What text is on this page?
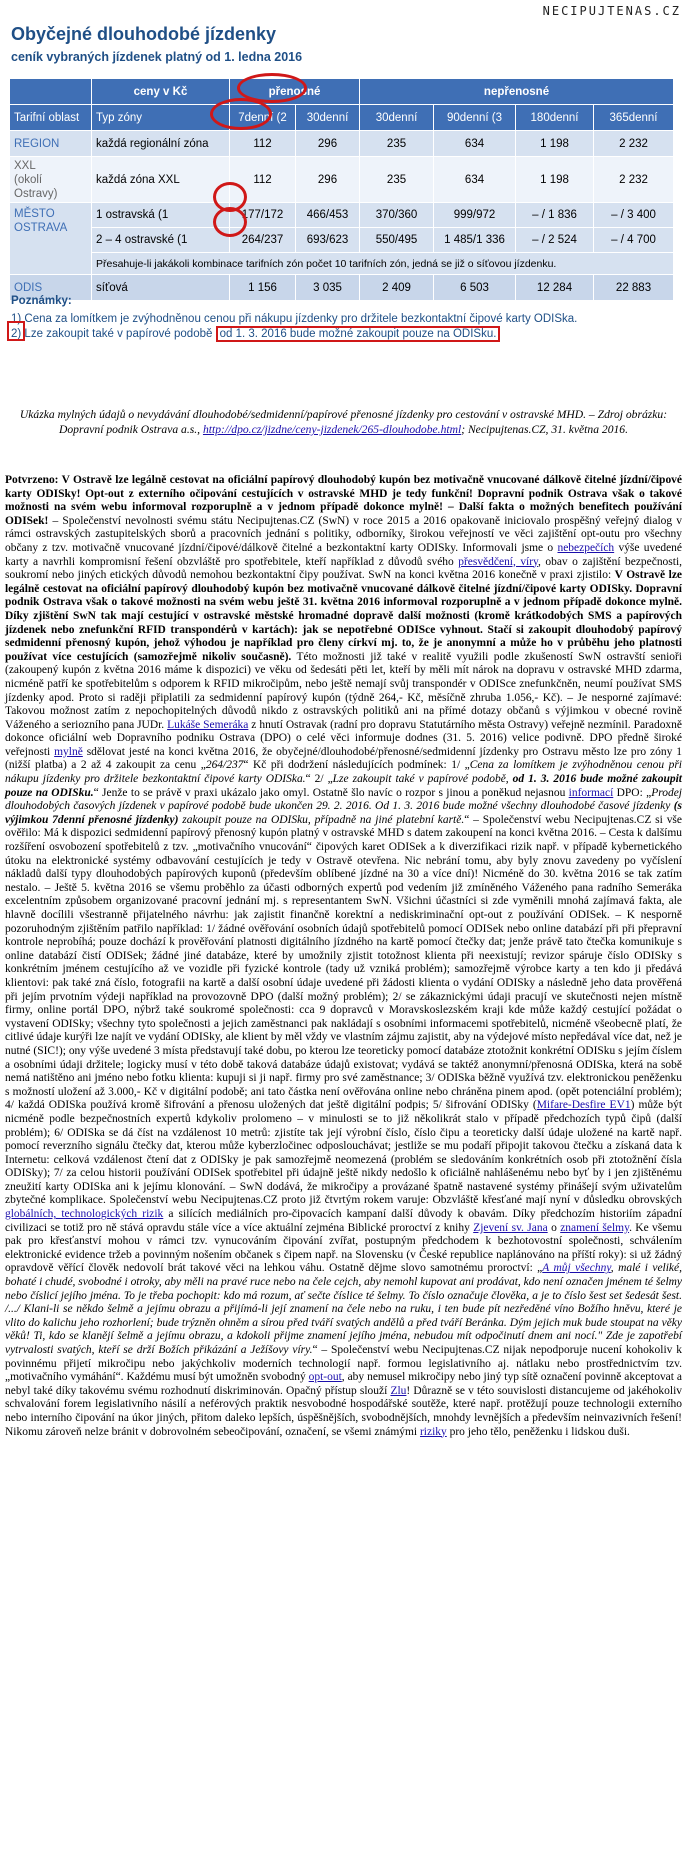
NECIPUJTENAS.CZ
Obyčejné dlouhodobé jízdenky
ceník vybraných jízdenek platný od 1. ledna 2016
	ceny v Kč	přenosné		nepřenosné			
Tarifní oblast	Typ zóny	7denní (2	30denní	30denní	90denní (3	180denní	365denní
REGION	každá regionální zóna	112	296	235	634	1 198	2 232
XXL
(okolí Ostravy)	každá zóna XXL	112	296	235	634	1 198	2 232
MĚSTO
OSTRAVA	1 ostravská (1	177/172	466/453	370/360	999/972	– / 1 836	– / 3 400
	2 – 4 ostravské (1	264/237	693/623	550/495	1 485/1 336	– / 2 524	– / 4 700
	Přesahuje-li jakákoli kombinace tarifních zón počet 10 tarifních zón, jedná se již o síťovou jízdenku.						
ODIS	síťová	1 156	3 035	2 409	6 503	12 284	22 883
Poznámky:
1) Cena za lomítkem je zvýhodněnou cenou při nákupu jízdenky pro držitele bezkontaktní čipové karty ODISka.
2) Lze zakoupit také v papírové podobě od 1. 3. 2016 bude možné zakoupit pouze na ODISku.
Ukázka mylných údajů o nevydávání dlouhodobé/sedmidenní/papírové přenosné jízdenky pro cestování v ostravské MHD. – Zdroj obrázku: Dopravní podnik Ostrava a.s., http://dpo.cz/jizdne/ceny-jizdenek/265-dlouhodobe.html; Necipujtenas.CZ, 31. května 2016.
Potvrzeno: V Ostravě lze legálně cestovat na oficiální papírový dlouhodobý kupón bez motivačně vnucované dálkově čitelné jízdní/čipové karty ODISky! Opt-out z externího očipování cestujících v ostravské MHD je tedy funkční! Dopravní podnik Ostrava však o takové možnosti na svém webu informoval rozporuplně a v jednom případě dokonce mylně! – Další fakta o možných benefitech používání ODISek! – Společenství nevolnosti svému státu Necipujtenas.CZ (SwN) v roce 2015 a 2016 opakovaně iniciovalo prospěšný veřejný dialog v rámci ostravských zastupitelských sborů a pracovních jednání s politiky, odborníky, širokou veřejností ve věci zajištění opt-outu pro všechny občany z tzv. motivačně vnucované jízdní/čipové/dálkově čitelné a bezkontaktní karty ODISky. Informovali jsme o nebezpečích výše uvedené karty a navrhli kompromisní řešení obzvláště pro spotřebitele, kteří například z důvodů svého přesvědčení, víry, obav o zajištění bezpečnosti, soukromí nebo jiných etických důvodů nemohou bezkontaktní čipy používat. SwN na konci května 2016 konečně v praxi zjistilo: V Ostravě lze legálně cestovat na oficiální papírový dlouhodobý kupón bez motivačně vnucované dálkově čitelné jízdní/čipové karty ODISky. Dopravní podnik Ostrava však o takové možnosti na svém webu ještě 31. května 2016 informoval rozporuplně a v jednom případě dokonce mylně. Díky zjištění SwN tak mají cestující v ostravské městské hromadné dopravě další možnosti (kromě krátkodobých SMS a papírových jízdenek nebo znefunkční RFID transpondérů v kartách): jak se nepotřebné ODISce vyhnout. Stačí si zakoupit dlouhodobý papírový sedmidenní přenosný kupón, jehož výhodou je například pro členy církví mj. to, že je anonymní a může ho v průběhu jeho platnosti používat více cestujících (samozřejmě nikoliv současně). Této možnosti již také v realitě využili podle zkušeností SwN ostravští senioři (zakoupený kupón z května 2016 máme k dispozici) ve věku od šedesáti pěti let, kteří by měli mít nárok na dopravu v ostravské MHD zdarma, nicméně patří ke spotřebitelům s odporem k RFID mikročipům, nebo ještě nemají svůj transpondér v ODISce znefunkčněn, neumí používat SMS jízdenky apod. Proto si raději připlatili za sedmidenní papírový kupón (týdně 264,- Kč, měsíčně zhruba 1.056,- Kč). – Je nesporné zajímavé: Takovou možnost zatím z nepochopitelných důvodů nikdo z ostravských politiků ani na přímé dotazy občanů s výjimkou v obecné rovině Váženého a seriozního pana JUDr. Lukáše Semeráka z hnutí Ostravak (radní pro dopravu Statutárního města Ostravy) veřejně nezmínil. Paradoxně dokonce oficiální web Dopravního podniku Ostrava (DPO) o celé věci informuje dodnes (31. 5. 2016) velice podivně. DPO předně široké veřejnosti mylně sdělovat jesté na konci května 2016, že obyčejné/dlouhodobé/přenosné/sedmidenní jízdenky pro Ostravu město lze pro zóny 1 (nižší platba) a 2 až 4 zakoupit za cenu „264/237“ Kč při dodržení následujících podmínek: 1/ „Cena za lomítkem je zvýhodněnou cenou při nákupu jízdenky pro držitele bezkontaktní čipové karty ODISka.“ 2/ „Lze zakoupit také v papírové podobě, od 1. 3. 2016 bude možné zakoupit pouze na ODISku.“ Jenže to se právě v praxi ukázalo jako omyl. Ostatně šlo navíc o rozpor s jinou a poněkud nejasnou informací DPO: „Prodej dlouhodobých časových jízdenek v papírové podobě bude ukončen 29. 2. 2016. Od 1. 3. 2016 bude možné všechny dlouhodobé časové jízdenky (s výjimkou 7denní přenosné jízdenky) zakoupit pouze na ODISku, případně na jiné platební kartě.“ – Společenství webu Necipujtenas.CZ si vše ověřilo: Má k dispozici sedmidenní papírový přenosný kupón platný v ostravské MHD s datem zakoupení na konci května 2016. – Cesta k dalšímu rozšíření osvobození spotřebitelů z tzv. „motivačního vnucování“ čipových karet ODISek a k diverzifikaci rizik např. v případě kybernetického útoku na elektronické systémy odbavování cestujících je tedy v Ostravě otevřena. Nic nebrání tomu, aby byly znovu zavedeny po vyčíslení nákladů další typy dlouhodobých papírových kuponů (především oblíbené jízdné na 30 a více dní)! Nicméně do 30. května 2016 se tak zatím nestalo. – Ještě 5. května 2016 se všemu proběhlo za účasti odborných expertů pod vedením již zmíněného Váženého pana radního Semeráka excelentním způsobem organizované pracovní jednání mj. s representantem SwN. Všichni účastníci si zde vyměnili mnohá zajímavá fakta, ale hlavně docílili všestranně přijatelného návrhu: jak zajistit finančně korektní a nediskriminační opt-out z používání ODISek. – K nesporně pozoruhodným zjištěním patřilo například: 1/ žádné ověřování osobních údajů spotřebitelů pomocí ODISek nebo online databází při při přepravní kontrole neprobíhá; pouze dochází k prověřování platnosti digitálního jízdného na kartě pomocí čtečky dat; jenže právě tato čtečka komunikuje s online databází čistí ODISek; žádné jiné databáze, které by umožnily zjistit totožnost klienta při neexistují; revizor spáruje číslo ODISky s konkrétním jménem cestujícího až ve vozidle při fyzické kontrole (tady už vzniká problém); samozřejmě výrobce karty a ten kdo ji předává klientovi: pak také zná číslo, fotografii na kartě a další osobní údaje uvedené při žádosti klienta o vydání ODISky a následně jeho data prověřená při jejím prvotním výdeji například na provozovně DPO (další možný problém); 2/ se zákaznickými údaji pracují ve skutečnosti nejen místně firmy, online portál DPO, nýbrž také soukromé společnosti: cca 9 dopravců v Moravskoslezském kraji kde může každý cestující požádat o vystavení ODISky; všechny tyto společnosti a jejich zaměstnanci pak nakládají s osobními informacemi spotřebitelů, nicméně všeobecně platí, že citlivé údaje kurýři lze najít ve vydání ODISky, ale klient by měl vždy ve vlastním zájmu zajistit, aby na výdejové místo nepředával více dat, než je nutné (SIC!); ony výše uvedené 3 místa představují také dobu, po kterou lze teoreticky pomocí databáze ztotožnit konkrétní ODISku s jejím číslem a osobními údaji držitele; logicky musí v této době taková databáze údajů existovat; vydává se taktéž anonymní/přenosná ODISka, která na sobě nemá natištěno ani jméno nebo fotku klienta: kupuji si ji např. firmy pro své zaměstnance; 3/ ODISka běžně využívá tzv. elektronickou peněženku s možností uložení až 3.000,- Kč v digitální podobě; ani tato částka není ověřována online nebo chráněna pinem apod. (opět potenciální problém); 4/ každá ODISka používá kromě šifrování a přenosu uložených dat ještě digitální podpis; 5/ šifrování ODISky (Mifare-Desfire EV1) může být nicméně podle bezpečnostních expertů kdykoliv prolomeno – v minulosti se to již několikrát stalo v případě předchozích typů čipů (další problém); 6/ ODISka se dá číst na vzdálenost 10 metrů: zjistíte tak její výrobní číslo, číslo čipu a teoreticky další údaje uložené na kartě např. pomocí reverzního signálu čtečky dat, kterou může kyberzločinec odposlouchávat; jestliže se mu podaří připojit takovou čtečku a získaná data k Internetu: celková vzdálenost čtení dat z ODISky je pak samozřejmě neomezená (problém se sledováním konkrétních osob při ztotožnění čísla ODISky); 7/ za celou historii používání ODISek spotřebitel při údajně ještě nikdy nedošlo k oficiálně nahlášenému nebo byť by i jen zjištěnému zneužití karty ODISka ani k jejímu klonování. – SwN dodává, že mikročipy a provázané špatně nastavené systémy přinášejí svým uživatelům zbytečné komplikace. Společenství webu Necipujtenas.CZ proto již čtvrtým rokem varuje: Obzvláště křesťané mají nyní v důsledku obrovských globálních, technologických rizik a silících mediálních pro-čipovacích kampaní další důvody k obavám. Díky předchozím historiím západní civilizaci se totiž pro ně stává opravdu stále více a více aktuální zejména Biblické proroctví z knihy Zjevení sv. Jana o znamení šelmy. Ke všemu pak pro křesťanství mohou v rámci tzv. vynucováním čipování zvířat, postupným předchodem k bezhotovostní společnosti, schválením elektronické evidence tržeb a povinným nošením občanek s čipem např. na Slovensku (v České republice naplánováno na příští roky): si už žádný opravdově věřící člověk nedovolí brát takové věci na lehkou váhu. Ostatně dějme slovo samotnému proroctví: „A můj všechny, malé i veliké, bohaté i chudé, svobodné i otroky, aby měli na pravé ruce nebo na čele cejch, aby nemohl kupovat ani prodávat, kdo není označen jménem té šelmy nebo číslicí jejího jména. To je třeba pochopit: kdo má rozum, ať sečte číslice té šelmy. To číslo označuje člověka, a je to číslo šest set šedesát šest. /.../ Klani-li se někdo šelmě a jejímu obrazu a přijímá-li její znamení na čele nebo na ruku, i ten bude pít nezředěné víno Božího hněvu, které je vlito do kalichu jeho rozhorlení; bude trýzněn ohněm a sírou před tváří svatých andělů a před tváří Beránka. Dým jejich muk bude stoupat na věky věků! Ti, kdo se klanějí šelmě a jejímu obrazu, a kdokoli přijme znamení jejího jména, nebudou mít odpočinutí dnem ani nocí." Zde je zapotřebí vytrvalosti svatých, kteří se drží Božích přikázání a Ježíšovy víry.“ – Společenství webu Necipujtenas.CZ nijak nepodporuje nucení kohokoliv k povinnému přijetí mikročipu nebo jakýchkoliv moderních technologií např. formou legislativního aj. nátlaku nebo prostřednictvím tzv. „motivačního vymáhání“. Každému musí být umožněn svobodný opt-out, aby nemusel mikročipy nebo jiný typ sítě označení povinně akceptovat a nebyl také díky takovému svému rozhodnutí diskriminován. Opačný přístup slouží Zlu! Důrazně se v této souvislosti distancujeme od jakéhokoliv schvalování forem legislativního násilí a neférových praktik nesvobodné hospodářské soutěže, které např. protěžují pouze technologii externího nebo interního čipování na úkor jiných, přitom daleko lepších, úspěšnějších, svobodnějších, mnohdy levnějších a především neinvazivních řešení! Nikomu zároveň nelze bránit v dobrovolném sebeočipování, označení, se všemi známými riziky pro jeho tělo, peněženku i lidskou duši.
